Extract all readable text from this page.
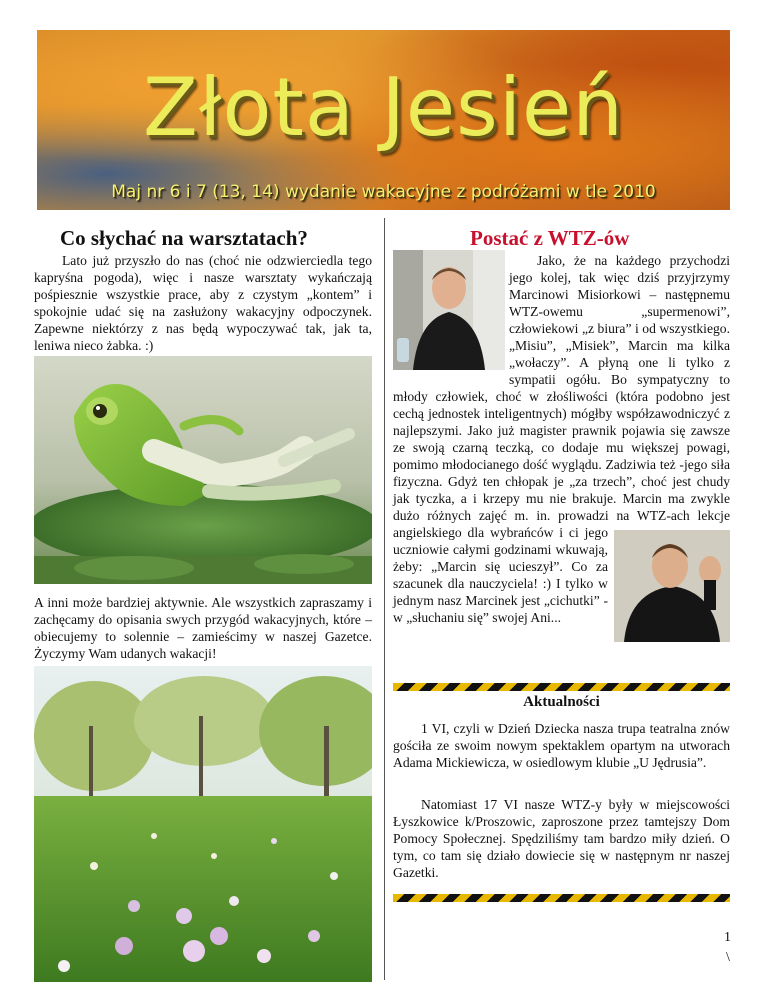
Złota Jesień
Maj nr 6 i 7 (13, 14) wydanie wakacyjne z podróżami w tle 2010
Co słychać na warsztatach?

Lato już przyszło do nas (choć nie odzwierciedla tego kapryśna pogoda), więc i nasze warsztaty wykańczają pośpiesznie wszystkie prace, aby z czystym „kontem” i spokojnie udać się na zasłużony wakacyjny odpoczynek. Zapewne niektórzy z nas będą wypoczywać tak, jak ta, leniwa nieco żabka. :)

A inni może bardziej aktywnie. Ale wszystkich zapraszamy i zachęcamy do opisania swych przygód wakacyjnych, które – obiecujemy to solennie – zamieścimy w naszej Gazetce. Życzymy Wam udanych wakacji!

Postać z WTZ-ów

Jako, że na każdego przychodzi jego kolej, tak więc dziś przyjrzymy Marcinowi Misiorkowi – następnemu WTZ-owemu „supermenowi”, człowiekowi „z biura” i od wszystkiego. „Misiu”, „Misiek”, Marcin ma kilka „wołaczy”. A płyną one li tylko z sympatii ogółu. Bo sympatyczny to młody człowiek, choć w złośliwości (która podobno jest cechą jednostek inteligentnych) mógłby współzawodniczyć z najlepszymi. Jako już magister prawnik pojawia się zawsze ze swoją czarną teczką, co dodaje mu większej powagi, pomimo młodocianego dość wyglądu. Zadziwia też -jego siła fizyczna. Gdyż ten chłopak je „za trzech”, choć jest chudy jak tyczka, a i krzepy mu nie brakuje. Marcin ma zwykle dużo różnych zajęć m. in. prowadzi na WTZ-ach lekcje angielskiego dla wybrańców i ci jego uczniowie całymi godzinami wkuwają, żeby: „Marcin się ucieszył”. Co za szacunek dla nauczyciela! :) I tylko w jednym nasz Marcinek jest „cichutki” - w „słuchaniu się” swojej Ani...

Aktualności

1 VI, czyli w Dzień Dziecka nasza trupa teatralna znów gościła ze swoim nowym spektaklem opartym na utworach Adama Mickiewicza, w osiedlowym klubie „U Jędrusia”.

Natomiast 17 VI nasze WTZ-y były w miejscowości Łyszkowice k/Proszowic, zaproszone przez tamtejszy Dom Pomocy Społecznej. Spędziliśmy tam bardzo miły dzień. O tym, co tam się działo dowiecie się w następnym nr naszej Gazetki.

1
\
